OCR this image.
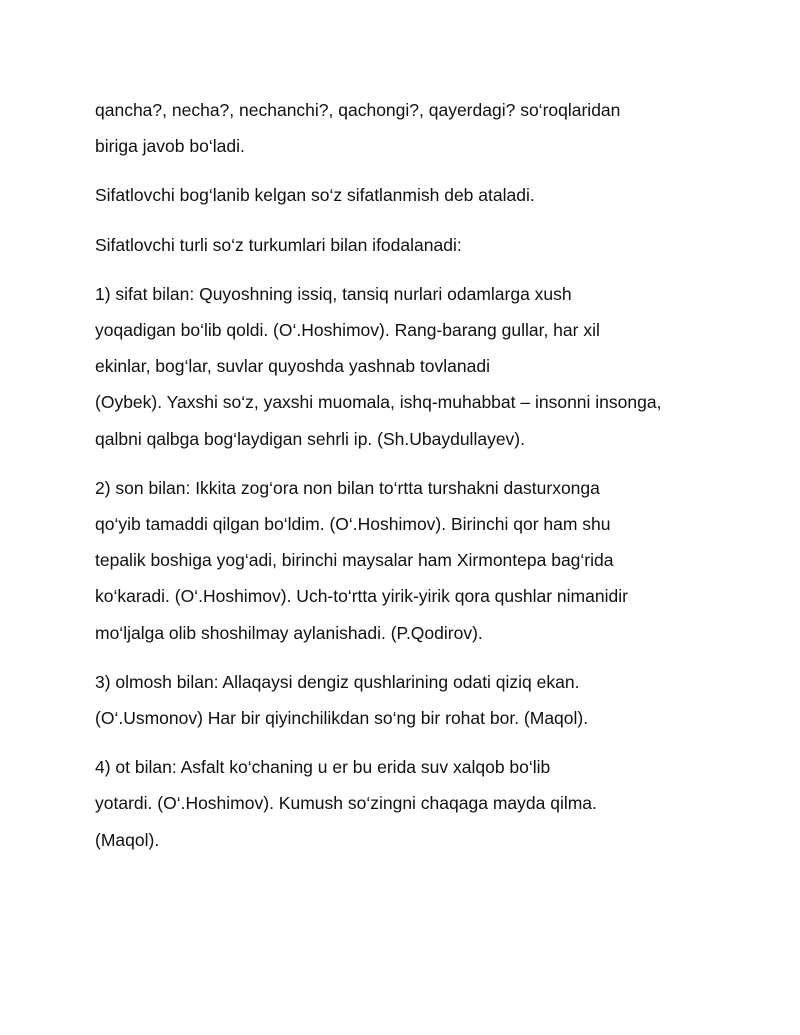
qancha?, necha?, nechanchi?, qachongi?, qayerdagi? so‘roqlaridan
biriga javob bo‘ladi.

Sifatlovchi bog‘lanib kelgan so‘z sifatlanmish deb ataladi.

Sifatlovchi turli so‘z turkumlari bilan ifodalanadi:

1) sifat bilan: Quyoshning issiq, tansiq nurlari odamlarga xush
yoqadigan bo‘lib qoldi. (O‘.Hoshimov). Rang-barang gullar, har xil
ekinlar, bog‘lar, suvlar quyoshda yashnab tovlanadi
(Oybek). Yaxshi so‘z, yaxshi muomala, ishq-muhabbat – insonni insonga,
qalbni qalbga bog‘laydigan sehrli ip. (Sh.Ubaydullayev).

2) son bilan: Ikkita zog‘ora non bilan to‘rtta turshakni dasturxonga
qo‘yib tamaddi qilgan bo‘ldim. (O‘.Hoshimov). Birinchi qor ham shu
tepalik boshiga yog‘adi, birinchi maysalar ham Xirmontepa bag‘rida
ko‘karadi. (O‘.Hoshimov). Uch-to‘rtta yirik-yirik qora qushlar nimanidir
mo‘ljalga olib shoshilmay aylanishadi. (P.Qodirov).

3) olmosh bilan: Allaqaysi dengiz qushlarining odati qiziq ekan.
(O‘.Usmonov) Har bir qiyinchilikdan so‘ng bir rohat bor. (Maqol).

4) ot bilan: Asfalt ko‘chaning u er bu erida suv xalqob bo‘lib
yotardi. (O‘.Hoshimov). Kumush so‘zingni chaqaga mayda qilma.
(Maqol).
